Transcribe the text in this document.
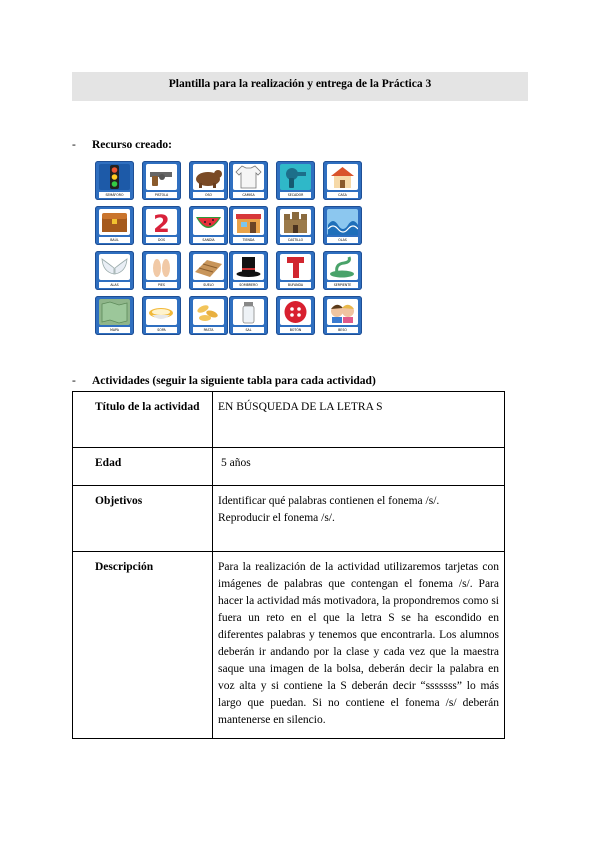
Plantilla para la realización y entrega de la Práctica 3
- Recurso creado:
SEMÁFORO	PISTOLA	OSO
BAÚL
2
DOS	SANDÍA
ALAS	PIES	SUELO
MAPA	SOPA	PASTA
CAMISA	SECADOR	CASA
TIENDA	CASTILLO	OLAS
SOMBRERO	BUFANDA	SERPIENTE
SAL	BOTÓN	BESO
- Actividades (seguir la siguiente tabla para cada actividad)
Título de la actividad	EN BÚSQUEDA DE LA LETRA S
Edad	5 años
Objetivos	Identificar qué palabras contienen el fonema /s/.
Reproducir el fonema /s/.

Descripción	Para la realización de la actividad utilizaremos tarjetas con imágenes de palabras que contengan el fonema /s/. Para hacer la actividad más motivadora, la propondremos como si fuera un reto en el que la letra S se ha escondido en diferentes palabras y tenemos que encontrarla. Los alumnos deberán ir andando por la clase y cada vez que la maestra saque una imagen de la bolsa, deberán decir la palabra en voz alta y si contiene la S deberán decir “sssssss” lo más largo que puedan. Si no contiene el fonema /s/ deberán mantenerse en silencio.
